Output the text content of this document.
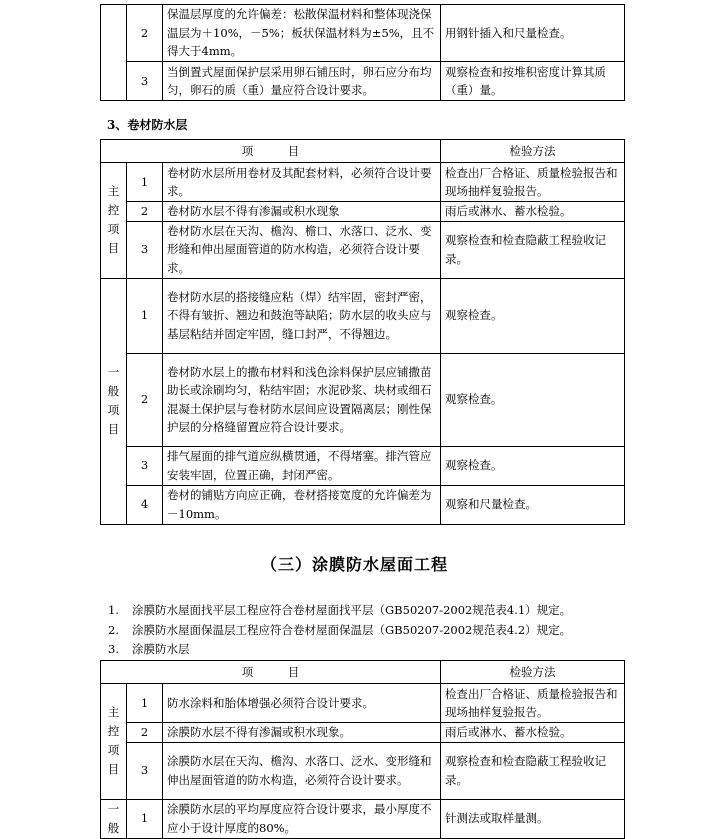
	2	保温层厚度的允许偏差：松散保温材料和整体现浇保温层为＋10%，－5%；板状保温材料为±5%，且不得大于4mm。	用钢针插入和尺量检查。
	3	当倒置式屋面保护层采用卵石铺压时，卵石应分布均匀，卵石的质（重）量应符合设计要求。	观察检查和按堆积密度计算其质（重）量。
3、卷材防水层
项　　　目			检验方法

主
控
项
目	1	卷材防水层所用卷材及其配套材料，必须符合设计要求。	检查出厂合格证、质量检验报告和现场抽样复验报告。
	2	卷材防水层不得有渗漏或积水现象	雨后或淋水、蓄水检验。
	3	卷材防水层在天沟、檐沟、檐口、水落口、泛水、变形缝和伸出屋面管道的防水构造，必须符合设计要求。	观察检查和检查隐蔽工程验收记录。

一
般
项
目	1	卷材防水层的搭接缝应粘（焊）结牢固，密封严密，不得有皱折、翘边和鼓泡等缺陷；防水层的收头应与基层粘结并固定牢固，缝口封严，不得翘边。	观察检查。
	2	卷材防水层上的撒布材料和浅色涂料保护层应铺撒苗助长或涂刷均匀，粘结牢固；水泥砂浆、块材或细石混凝土保护层与卷材防水层间应设置隔离层；刚性保护层的分格缝留置应符合设计要求。	观察检查。
	3	排气屋面的排气道应纵横贯通，不得堵塞。排汽管应安装牢固，位置正确，封闭严密。	观察检查。
	4	卷材的铺贴方向应正确，卷材搭接宽度的允许偏差为－10mm。	观察和尺量检查。
（三）涂膜防水屋面工程
1. 涂膜防水屋面找平层工程应符合卷材屋面找平层（GB50207-2002规范表4.1）规定。
2. 涂膜防水屋面保温层工程应符合卷材屋面保温层（GB50207-2002规范表4.2）规定。
3. 涂膜防水层
项　　　目			检验方法

主
控
项
目	1	防水涂料和胎体增强必须符合设计要求。	检查出厂合格证、质量检验报告和现场抽样复验报告。
	2	涂膜防水层不得有渗漏或积水现象。	雨后或淋水、蓄水检验。
	3	涂膜防水层在天沟、檐沟、水落口、泛水、变形缝和伸出屋面管道的防水构造，必须符合设计要求。	观察检查和检查隐蔽工程验收记录。

一
般	1	涂膜防水层的平均厚度应符合设计要求，最小厚度不应小于设计厚度的80%。	针测法或取样量测。
